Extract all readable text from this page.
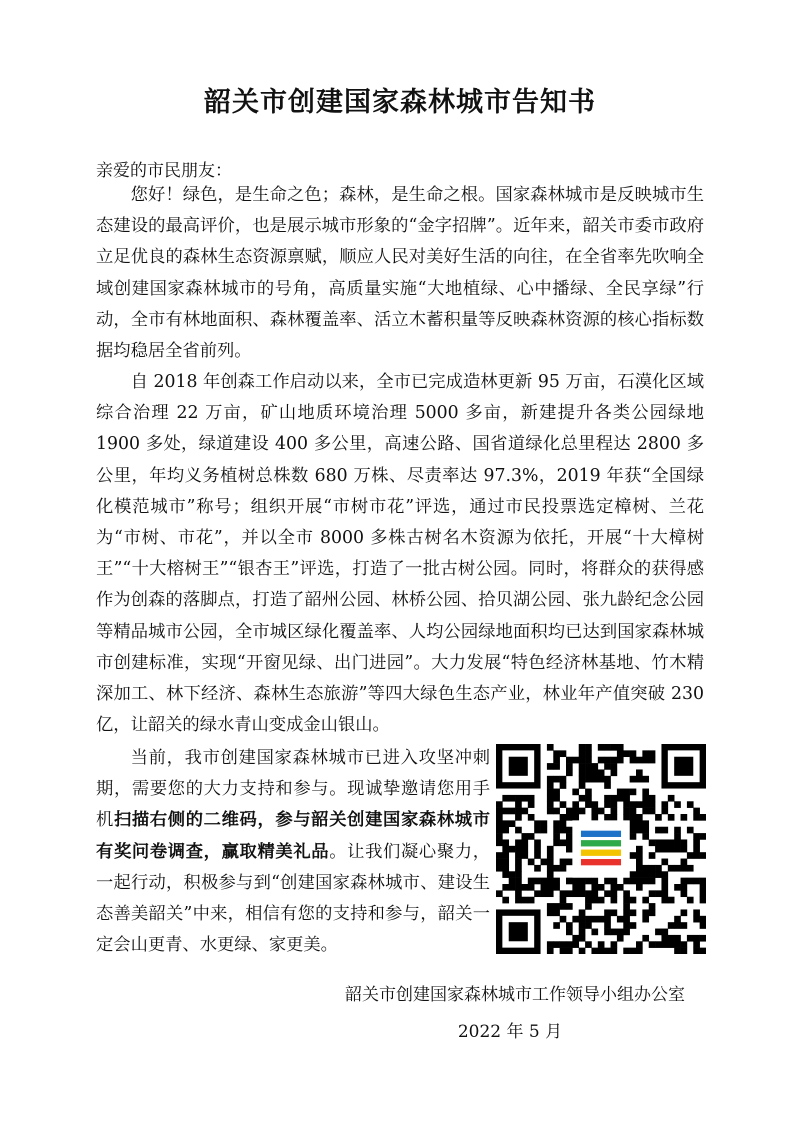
韶关市创建国家森林城市告知书
亲爱的市民朋友：

您好！绿色，是生命之色；森林，是生命之根。国家森林城市是反映城市生态建设的最高评价，也是展示城市形象的“金字招牌”。近年来，韶关市委市政府立足优良的森林生态资源禀赋，顺应人民对美好生活的向往，在全省率先吹响全域创建国家森林城市的号角，高质量实施“大地植绿、心中播绿、全民享绿”行动，全市有林地面积、森林覆盖率、活立木蓄积量等反映森林资源的核心指标数据均稳居全省前列。

自 2018 年创森工作启动以来，全市已完成造林更新 95 万亩，石漠化区域综合治理 22 万亩，矿山地质环境治理 5000 多亩，新建提升各类公园绿地 1900 多处，绿道建设 400 多公里，高速公路、国省道绿化总里程达 2800 多公里，年均义务植树总株数 680 万株、尽责率达 97.3%，2019 年获“全国绿化模范城市”称号；组织开展“市树市花”评选，通过市民投票选定樟树、兰花为“市树、市花”，并以全市 8000 多株古树名木资源为依托，开展“十大樟树王”“十大榕树王”“银杏王”评选，打造了一批古树公园。同时，将群众的获得感作为创森的落脚点，打造了韶州公园、林桥公园、拾贝湖公园、张九龄纪念公园等精品城市公园，全市城区绿化覆盖率、人均公园绿地面积均已达到国家森林城市创建标准，实现“开窗见绿、出门进园”。大力发展“特色经济林基地、竹木精深加工、林下经济、森林生态旅游”等四大绿色生态产业，林业年产值突破 230 亿，让韶关的绿水青山变成金山银山。

当前，我市创建国家森林城市已进入攻坚冲刺期，需要您的大力支持和参与。现诚挚邀请您用手机扫描右侧的二维码，参与韶关创建国家森林城市有奖问卷调查，赢取精美礼品。让我们凝心聚力，一起行动，积极参与到“创建国家森林城市、建设生态善美韶关”中来，相信有您的支持和参与，韶关一定会山更青、水更绿、家更美。

韶关市创建国家森林城市工作领导小组办公室
2022 年 5 月
